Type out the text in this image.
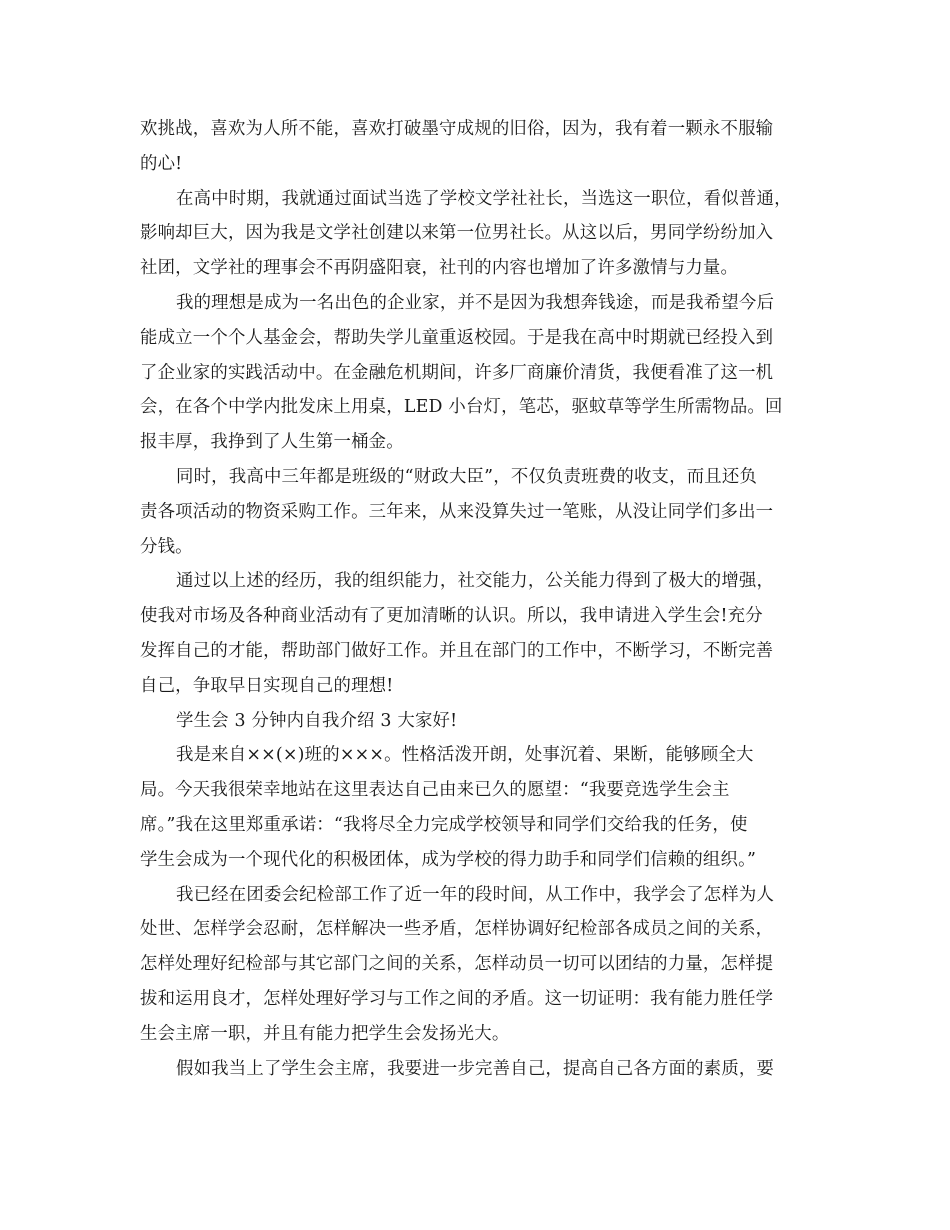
欢挑战，喜欢为人所不能，喜欢打破墨守成规的旧俗，因为，我有着一颗永不服输
的心!
在高中时期，我就通过面试当选了学校文学社社长，当选这一职位，看似普通，
影响却巨大，因为我是文学社创建以来第一位男社长。从这以后，男同学纷纷加入
社团，文学社的理事会不再阴盛阳衰，社刊的内容也增加了许多激情与力量。
我的理想是成为一名出色的企业家，并不是因为我想奔钱途，而是我希望今后
能成立一个个人基金会，帮助失学儿童重返校园。于是我在高中时期就已经投入到
了企业家的实践活动中。在金融危机期间，许多厂商廉价清货，我便看准了这一机
会，在各个中学内批发床上用桌，LED 小台灯，笔芯，驱蚊草等学生所需物品。回
报丰厚，我挣到了人生第一桶金。
同时，我高中三年都是班级的“财政大臣”，不仅负责班费的收支，而且还负
责各项活动的物资采购工作。三年来，从来没算失过一笔账，从没让同学们多出一
分钱。
通过以上述的经历，我的组织能力，社交能力，公关能力得到了极大的增强，
使我对市场及各种商业活动有了更加清晰的认识。所以，我申请进入学生会!充分
发挥自己的才能，帮助部门做好工作。并且在部门的工作中，不断学习，不断完善
自己，争取早日实现自己的理想!
学生会 3 分钟内自我介绍 3 大家好!
我是来自××(×)班的×××。性格活泼开朗，处事沉着、果断，能够顾全大
局。今天我很荣幸地站在这里表达自己由来已久的愿望：“我要竞选学生会主
席。”我在这里郑重承诺：“我将尽全力完成学校领导和同学们交给我的任务，使
学生会成为一个现代化的积极团体，成为学校的得力助手和同学们信赖的组织。”
我已经在团委会纪检部工作了近一年的段时间，从工作中，我学会了怎样为人
处世、怎样学会忍耐，怎样解决一些矛盾，怎样协调好纪检部各成员之间的关系，
怎样处理好纪检部与其它部门之间的关系，怎样动员一切可以团结的力量，怎样提
拔和运用良才，怎样处理好学习与工作之间的矛盾。这一切证明：我有能力胜任学
生会主席一职，并且有能力把学生会发扬光大。
假如我当上了学生会主席，我要进一步完善自己，提高自己各方面的素质，要
